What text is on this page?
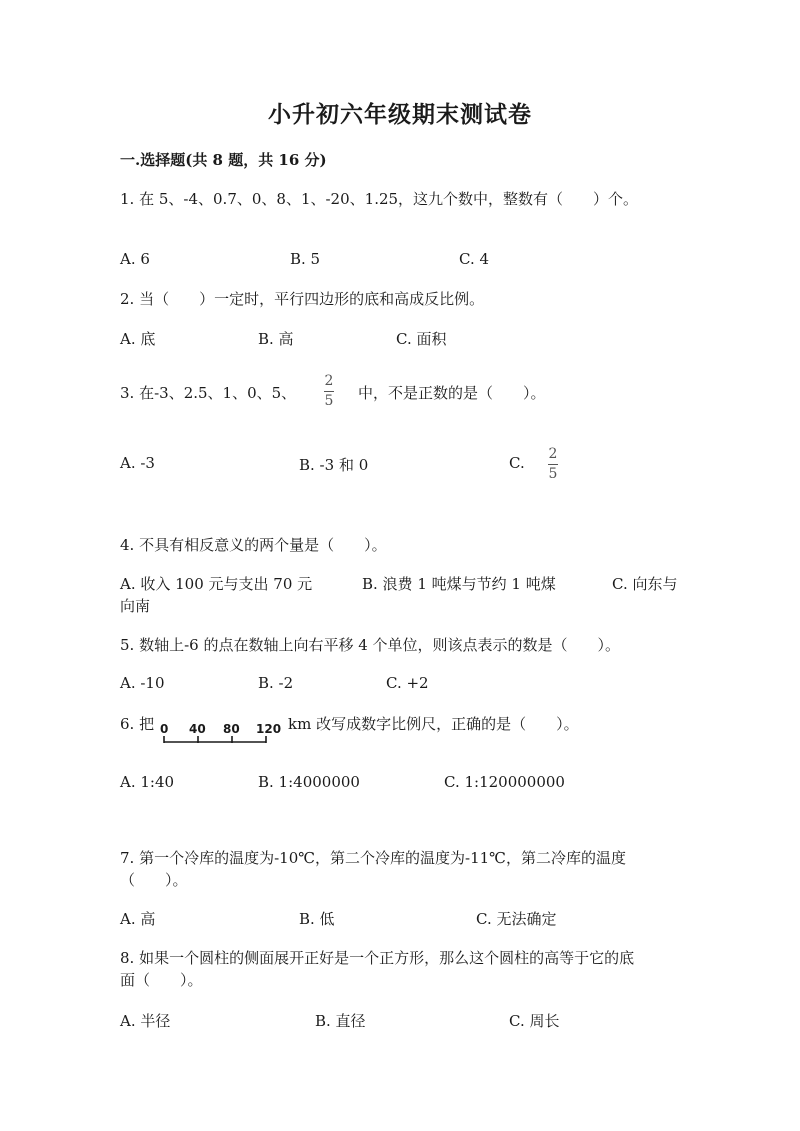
小升初六年级期末测试卷
一.选择题(共 8 题，共 16 分)
1. 在 5、-4、0.7、0、8、1、-20、1.25，这九个数中，整数有（　　）个。
A. 6	B. 5	C. 4
2. 当（　　）一定时，平行四边形的底和高成反比例。
A. 底	B. 高	C. 面积
3. 在-3、2.5、1、0、5、
2
5 中，不是正数的是（　　）。
A. -3	B. -3 和 0	C. 2
5
4. 不具有相反意义的两个量是（　　）。
A. 收入 100 元与支出 70 元	B. 浪费 1 吨煤与节约 1 吨煤	C. 向东与
向南
5. 数轴上-6 的点在数轴上向右平移 4 个单位，则该点表示的数是（　　）。
A. -10	B. -2	C. +2
6. 把 0 40 80 120 km 改写成数字比例尺，正确的是（　　）。
A. 1:40	B. 1:4000000	C. 1:120000000
7. 第一个冷库的温度为-10℃，第二个冷库的温度为-11℃，第二冷库的温度
（　　）。
A. 高	B. 低	C. 无法确定
8. 如果一个圆柱的侧面展开正好是一个正方形，那么这个圆柱的高等于它的底
面（　　）。
A. 半径	B. 直径	C. 周长
